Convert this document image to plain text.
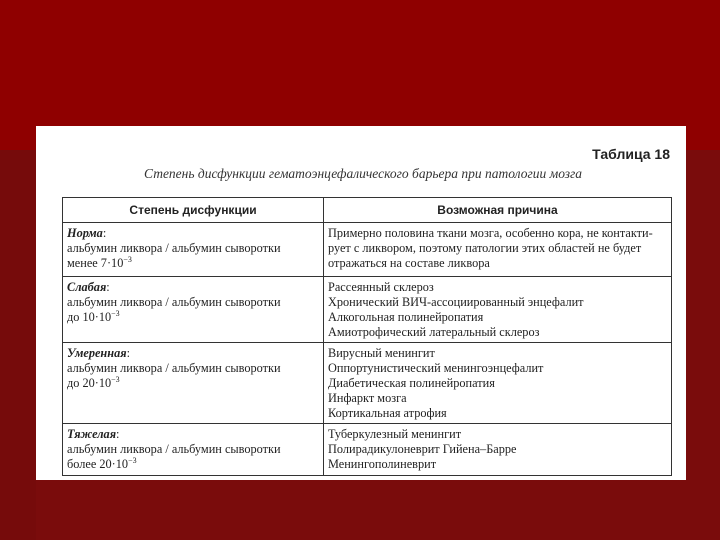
Таблица 18
Степень дисфункции гематоэнцефалического барьера при патологии мозга
Степень дисфункции	Возможная причина

Норма:
альбумин ликвора / альбумин сыворотки
менее $7\cdot 10^{-3}$	Примерно половина ткани мозга, особенно кора, не контакти-
рует с ликвором, поэтому патологии этих областей не будет
отражаться на составе ликвора

Слабая:
альбумин ликвора / альбумин сыворотки
до $10\cdot 10^{-3}$	Рассеянный склероз
Хронический ВИЧ-ассоциированный энцефалит
Алкогольная полинейропатия
Амиотрофический латеральный склероз

Умеренная:
альбумин ликвора / альбумин сыворотки
до $20\cdot 10^{-3}$	Вирусный менингит
Оппортунистический менингоэнцефалит
Диабетическая полинейропатия
Инфаркт мозга
Кортикальная атрофия

Тяжелая:
альбумин ликвора / альбумин сыворотки
более $20\cdot 10^{-3}$	Туберкулезный менингит
Полирадикулоневрит Гийена–Барре
Менингополиневрит
